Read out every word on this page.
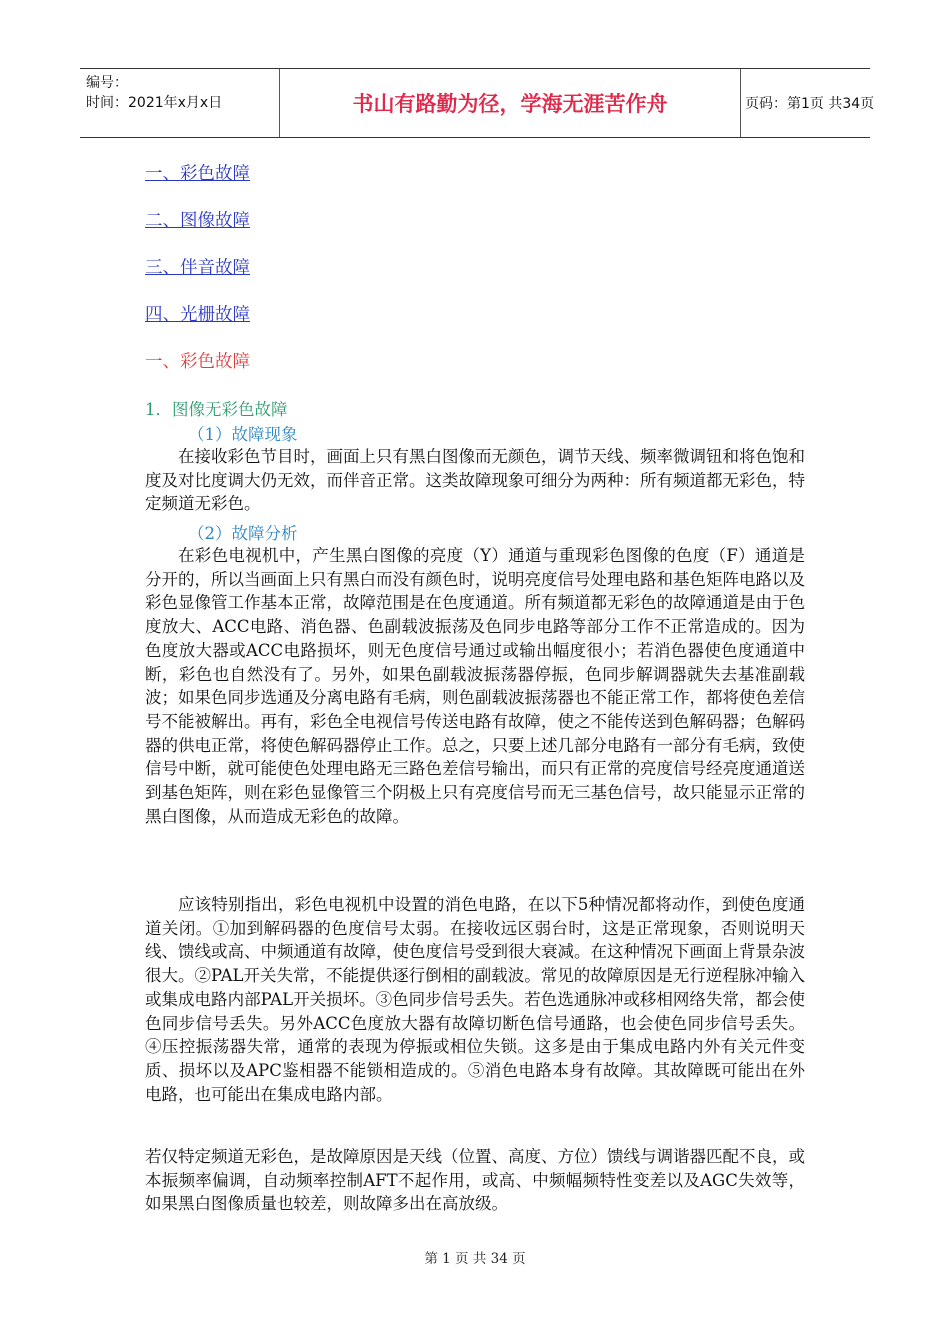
编号：
时间：2021年x月x日	书山有路勤为径，学海无涯苦作舟	页码：第1页 共34页
一、彩色故障
二、图像故障
三、伴音故障
四、光栅故障
一、彩色故障
1．图像无彩色故障
（1）故障现象

在接收彩色节目时，画面上只有黑白图像而无颜色，调节天线、频率微调钮和将色饱和度及对比度调大仍无效，而伴音正常。这类故障现象可细分为两种：所有频道都无彩色，特定频道无彩色。

（2）故障分析

在彩色电视机中，产生黑白图像的亮度（Y）通道与重现彩色图像的色度（F）通道是分开的，所以当画面上只有黑白而没有颜色时，说明亮度信号处理电路和基色矩阵电路以及彩色显像管工作基本正常，故障范围是在色度通道。所有频道都无彩色的故障通道是由于色度放大、ACC电路、消色器、色副载波振荡及色同步电路等部分工作不正常造成的。因为色度放大器或ACC电路损坏，则无色度信号通过或输出幅度很小；若消色器使色度通道中断，彩色也自然没有了。另外，如果色副载波振荡器停振，色同步解调器就失去基准副载波；如果色同步选通及分离电路有毛病，则色副载波振荡器也不能正常工作，都将使色差信号不能被解出。再有，彩色全电视信号传送电路有故障，使之不能传送到色解码器；色解码器的供电正常，将使色解码器停止工作。总之，只要上述几部分电路有一部分有毛病，致使信号中断，就可能使色处理电路无三路色差信号输出，而只有正常的亮度信号经亮度通道送到基色矩阵，则在彩色显像管三个阴极上只有亮度信号而无三基色信号，故只能显示正常的黑白图像，从而造成无彩色的故障。

应该特别指出，彩色电视机中设置的消色电路，在以下5种情况都将动作，到使色度通道关闭。①加到解码器的色度信号太弱。在接收远区弱台时，这是正常现象，否则说明天线、馈线或高、中频通道有故障，使色度信号受到很大衰减。在这种情况下画面上背景杂波很大。②PAL开关失常，不能提供逐行倒相的副载波。常见的故障原因是无行逆程脉冲输入或集成电路内部PAL开关损坏。③色同步信号丢失。若色选通脉冲或移相网络失常，都会使色同步信号丢失。另外ACC色度放大器有故障切断色信号通路，也会使色同步信号丢失。④压控振荡器失常，通常的表现为停振或相位失锁。这多是由于集成电路内外有关元件变质、损坏以及APC鉴相器不能锁相造成的。⑤消色电路本身有故障。其故障既可能出在外电路，也可能出在集成电路内部。

若仅特定频道无彩色，是故障原因是天线（位置、高度、方位）馈线与调谐器匹配不良，或本振频率偏调，自动频率控制AFT不起作用，或高、中频幅频特性变差以及AGC失效等，如果黑白图像质量也较差，则故障多出在高放级。

第 1 页 共 34 页
